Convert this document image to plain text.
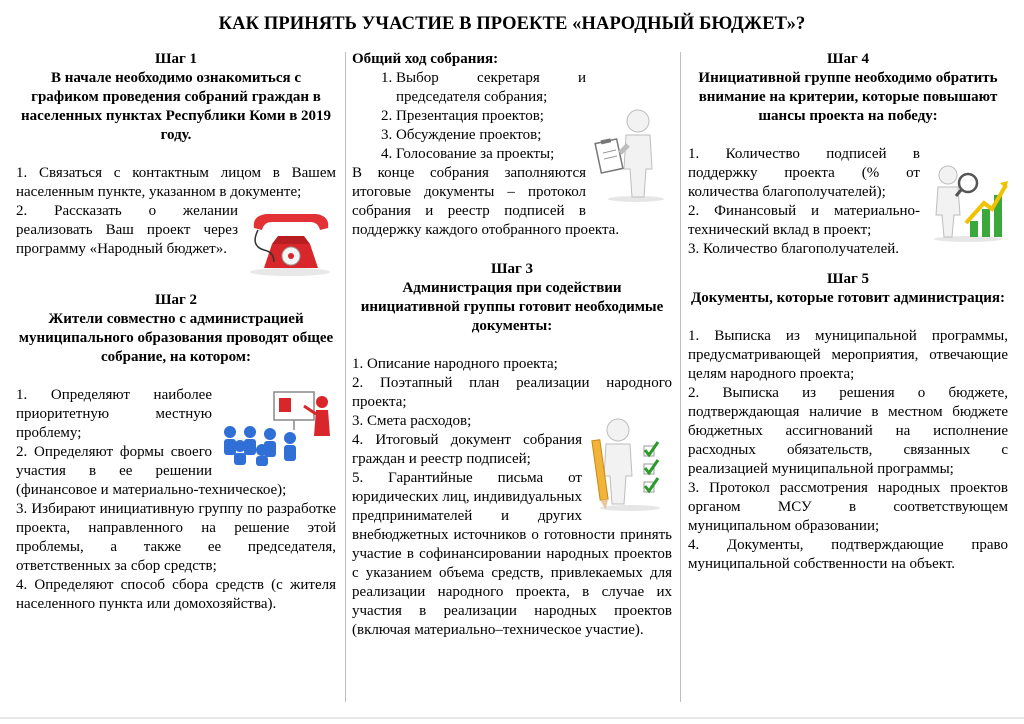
КАК ПРИНЯТЬ УЧАСТИЕ В ПРОЕКТЕ «НАРОДНЫЙ БЮДЖЕТ»?
Шаг 1
В начале необходимо ознакомиться с графиком проведения собраний граждан в населенных пунктах Республики Коми в 2019 году.
1. Связаться с контактным лицом в Вашем населенным пункте, указанном в документе;
2. Рассказать о желании реализовать Ваш проект через программу «Народный бюджет».
Шаг 2
Жители совместно с администрацией муниципального образования проводят общее собрание, на котором:
1. Определяют наиболее приоритетную местную проблему;
2. Определяют формы своего участия в ее решении (финансовое и материально-техническое);
3. Избирают инициативную группу по разработке проекта, направленного на решение этой проблемы, а также ее председателя, ответственных за сбор средств;
4. Определяют способ сбора средств (с жителя населенного пункта или домохозяйства).
Общий ход собрания:
1. Выбор секретаря и председателя собрания;
2. Презентация проектов;
3. Обсуждение проектов;
4. Голосование за проекты;
В конце собрания заполняются итоговые документы – протокол собрания и реестр подписей в поддержку каждого отобранного проекта.
Шаг 3
Администрация при содействии инициативной группы готовит необходимые документы:
1. Описание народного проекта;
2. Поэтапный план реализации народного проекта;
3. Смета расходов;
4. Итоговый документ собрания граждан и реестр подписей;
5. Гарантийные письма от юридических лиц, индивидуальных предпринимателей и других внебюджетных источников о готовности принять участие в софинансировании народных проектов с указанием объема средств, привлекаемых для реализации народного проекта, в случае их участия в реализации народных проектов (включая материально–техническое участие).
Шаг 4
Инициативной группе необходимо обратить внимание на критерии, которые повышают шансы проекта на победу:
1. Количество подписей в поддержку проекта (% от количества благополучателей);
2. Финансовый и материально-технический вклад в проект;
3. Количество благополучателей.
Шаг 5
Документы, которые готовит администрация:
1. Выписка из муниципальной программы, предусматривающей мероприятия, отвечающие целям народного проекта;
2. Выписка из решения о бюджете, подтверждающая наличие в местном бюджете бюджетных ассигнований на исполнение расходных обязательств, связанных с реализацией муниципальной программы;
3. Протокол рассмотрения народных проектов органом МСУ в соответствующем муниципальном образовании;
4. Документы, подтверждающие право муниципальной собственности на объект.
